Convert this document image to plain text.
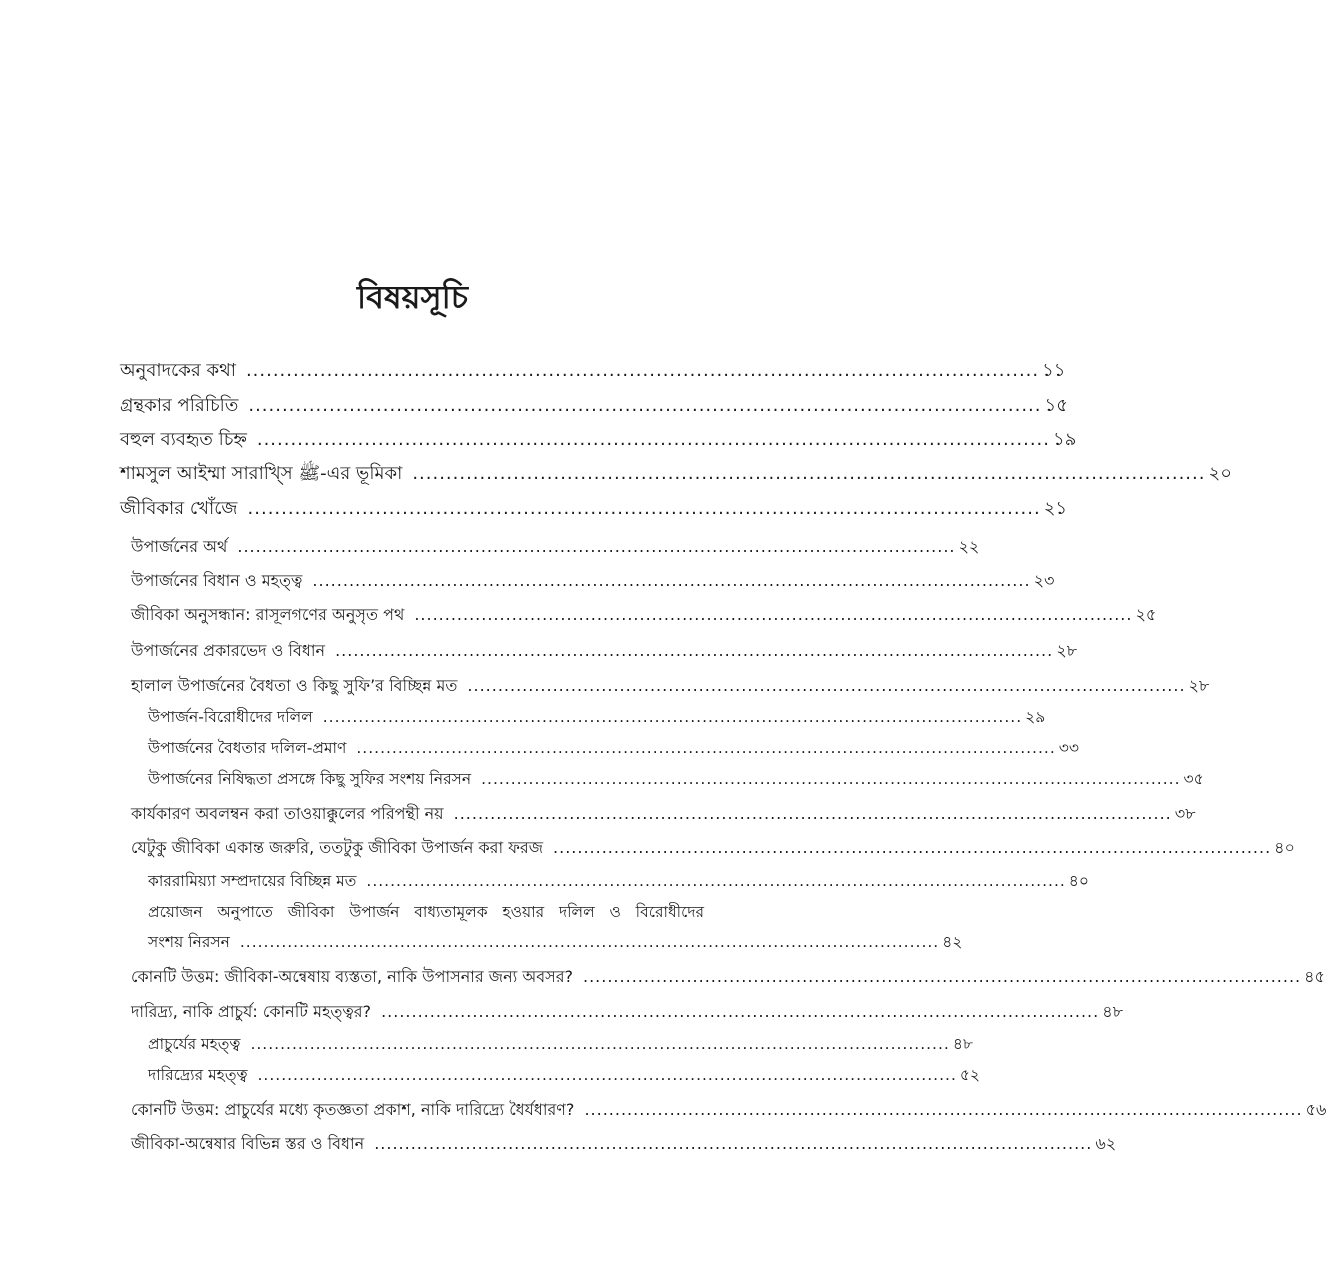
বিষয়সূচি
অনুবাদকের কথা ...................................................................................................................... ১১
গ্রন্থকার পরিচিতি ...................................................................................................................... ১৫
বহুল ব্যবহৃত চিহ্ন ...................................................................................................................... ১৯
শামসুল আইম্মা সারাখ্সি ﷺ-এর ভূমিকা ...................................................................................................................... ২০
জীবিকার খোঁজে ...................................................................................................................... ২১
উপার্জনের অর্থ ...................................................................................................................... ২২
উপার্জনের বিধান ও মহত্ত্ব ...................................................................................................................... ২৩
জীবিকা অনুসন্ধান: রাসূলগণের অনুসৃত পথ ...................................................................................................................... ২৫
উপার্জনের প্রকারভেদ ও বিধান ...................................................................................................................... ২৮
হালাল উপার্জনের বৈধতা ও কিছু সুফি’র বিচ্ছিন্ন মত ...................................................................................................................... ২৮
উপার্জন-বিরোধীদের দলিল ...................................................................................................................... ২৯
উপার্জনের বৈধতার দলিল-প্রমাণ ...................................................................................................................... ৩৩
উপার্জনের নিষিদ্ধতা প্রসঙ্গে কিছু সুফির সংশয় নিরসন ...................................................................................................................... ৩৫
কার্যকারণ অবলম্বন করা তাওয়াক্কুলের পরিপন্থী নয় ...................................................................................................................... ৩৮
যেটুকু জীবিকা একান্ত জরুরি, ততটুকু জীবিকা উপার্জন করা ফরজ ...................................................................................................................... ৪০
কাররামিয়্যা সম্প্রদায়ের বিচ্ছিন্ন মত ...................................................................................................................... ৪০
প্রয়োজন অনুপাতে জীবিকা উপার্জন বাধ্যতামূলক হওয়ার দলিল ও বিরোধীদের
সংশয় নিরসন ...................................................................................................................... ৪২
কোনটি উত্তম: জীবিকা-অন্বেষায় ব্যস্ততা, নাকি উপাসনার জন্য অবসর? ...................................................................................................................... ৪৫
দারিদ্র্য, নাকি প্রাচুর্য: কোনটি মহত্ত্বর? ...................................................................................................................... ৪৮
প্রাচুর্যের মহত্ত্ব ...................................................................................................................... ৪৮
দারিদ্র্যের মহত্ত্ব ...................................................................................................................... ৫২
কোনটি উত্তম: প্রাচুর্যের মধ্যে কৃতজ্ঞতা প্রকাশ, নাকি দারিদ্র্যে ধৈর্যধারণ? ...................................................................................................................... ৫৬
জীবিকা-অন্বেষার বিভিন্ন স্তর ও বিধান ...................................................................................................................... ৬২
